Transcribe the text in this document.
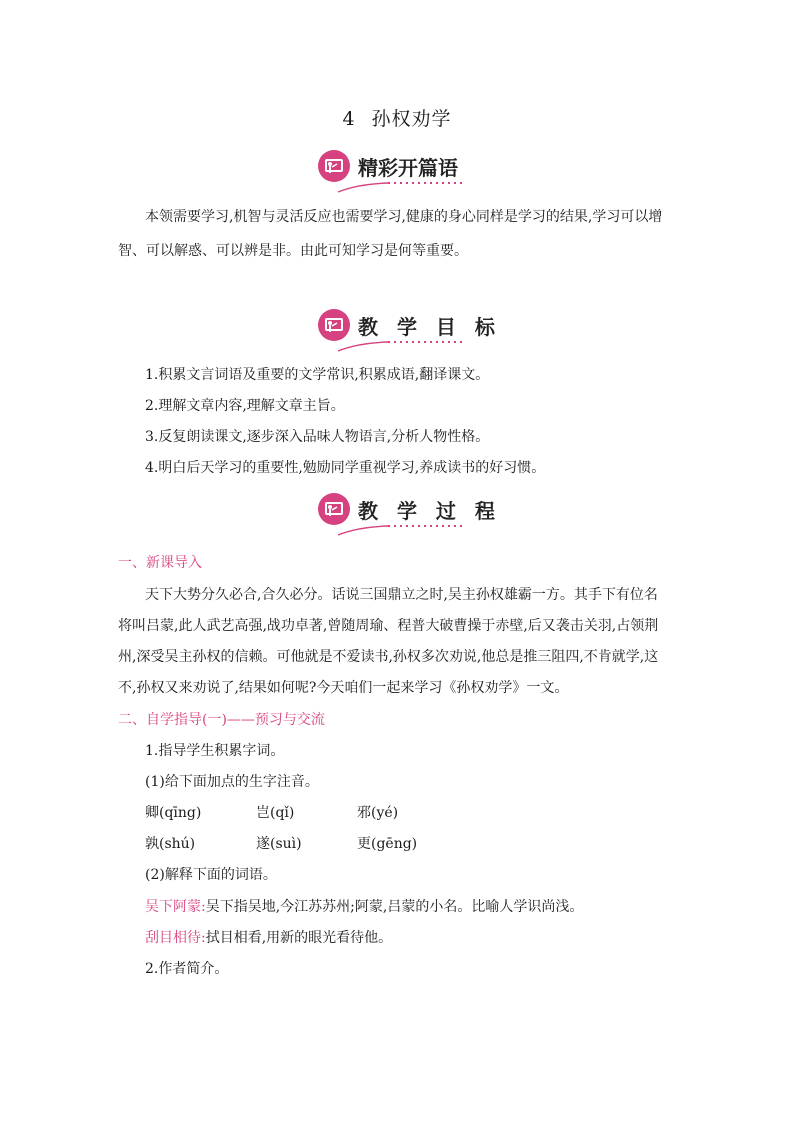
4 孙权劝学
精彩开篇语

本领需要学习,机智与灵活反应也需要学习,健康的身心同样是学习的结果,学习可以增

智、可以解惑、可以辨是非。由此可知学习是何等重要。

教 学 目 标

1.积累文言词语及重要的文学常识,积累成语,翻译课文。

2.理解文章内容,理解文章主旨。

3.反复朗读课文,逐步深入品味人物语言,分析人物性格。

4.明白后天学习的重要性,勉励同学重视学习,养成读书的好习惯。

教 学 过 程

一、新课导入

天下大势分久必合,合久必分。话说三国鼎立之时,吴主孙权雄霸一方。其手下有位名

将叫吕蒙,此人武艺高强,战功卓著,曾随周瑜、程普大破曹操于赤壁,后又袭击关羽,占领荆

州,深受吴主孙权的信赖。可他就是不爱读书,孙权多次劝说,他总是推三阻四,不肯就学,这

不,孙权又来劝说了,结果如何呢?今天咱们一起来学习《孙权劝学》一文。

二、自学指导(一)——预习与交流

1.指导学生积累字词。

(1)给下面加点的生字注音。

卿(qīng)	岂(qǐ)	邪(yé)
孰(shú)	遂(suì)	更(gēng)

(2)解释下面的词语。

吴下阿蒙:吴下指吴地,今江苏苏州;阿蒙,吕蒙的小名。比喻人学识尚浅。

刮目相待:拭目相看,用新的眼光看待他。

2.作者简介。
